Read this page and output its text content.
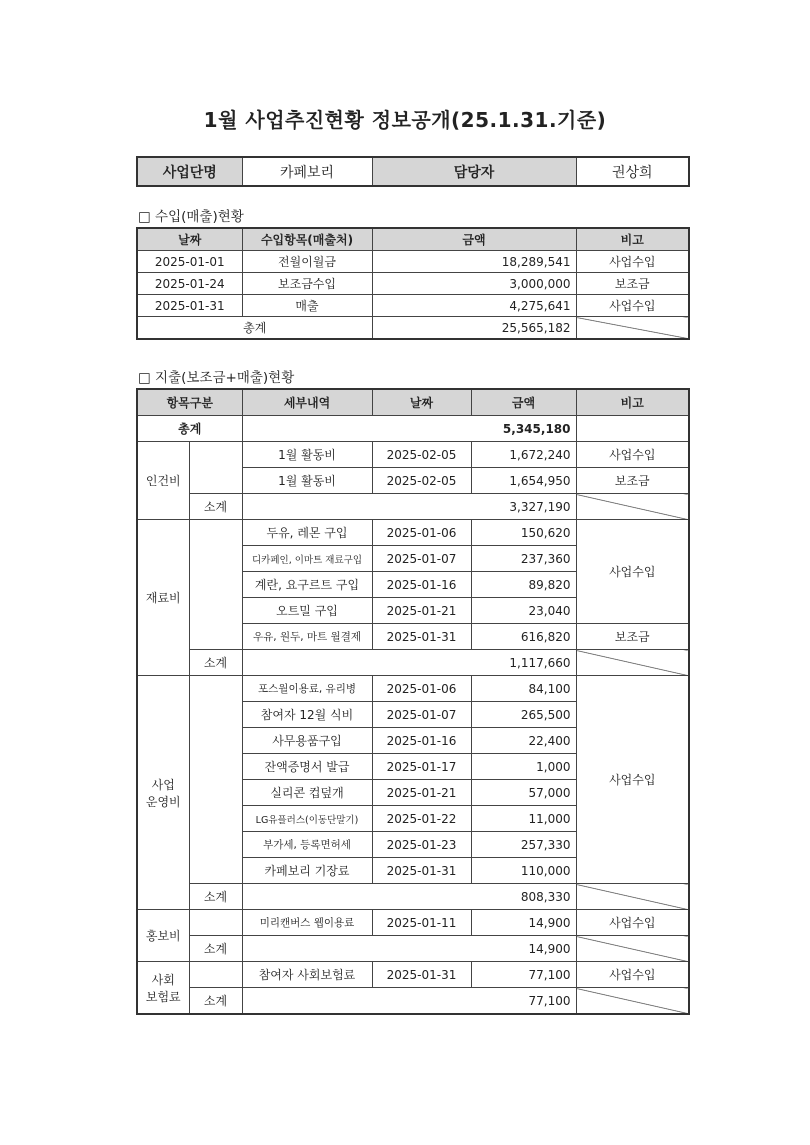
1월 사업추진현황 정보공개(25.1.31.기준)
사업단명	카페보리	담당자	권상희
□ 수입(매출)현황
날짜	수입항목(매출처)	금액	비고
2025-01-01	전월이월금	18,289,541	사업수입
2025-01-24	보조금수입	3,000,000	보조금
2025-01-31	매출	4,275,641	사업수입
총계		25,565,182	
□ 지출(보조금+매출)현황
항목구분		세부내역	날짜	금액	비고
총계		5,345,180			
인건비		1월 활동비	2025-02-05	1,672,240	사업수입
		1월 활동비	2025-02-05	1,654,950	보조금
	소계	3,327,190			
재료비		두유, 레몬 구입	2025-01-06	150,620	사업수입
		디카페인, 이마트 재료구입	2025-01-07	237,360	
		계란, 요구르트 구입	2025-01-16	89,820	
		오트밀 구입	2025-01-21	23,040	
		우유, 원두, 마트 월결제	2025-01-31	616,820	보조금
	소계	1,117,660			
사업
운영비		포스월이용료, 유리병	2025-01-06	84,100	사업수입
		참여자 12월 식비	2025-01-07	265,500	
		사무용품구입	2025-01-16	22,400	
		잔액증명서 발급	2025-01-17	1,000	
		실리콘 컵덮개	2025-01-21	57,000	
		LG유플러스(이동단말기)	2025-01-22	11,000	
		부가세, 등록면허세	2025-01-23	257,330	
		카페보리 기장료	2025-01-31	110,000	
	소계	808,330			
홍보비		미리캔버스 웹이용료	2025-01-11	14,900	사업수입
	소계	14,900			
사회
보험료		참여자 사회보험료	2025-01-31	77,100	사업수입
	소계	77,100			
